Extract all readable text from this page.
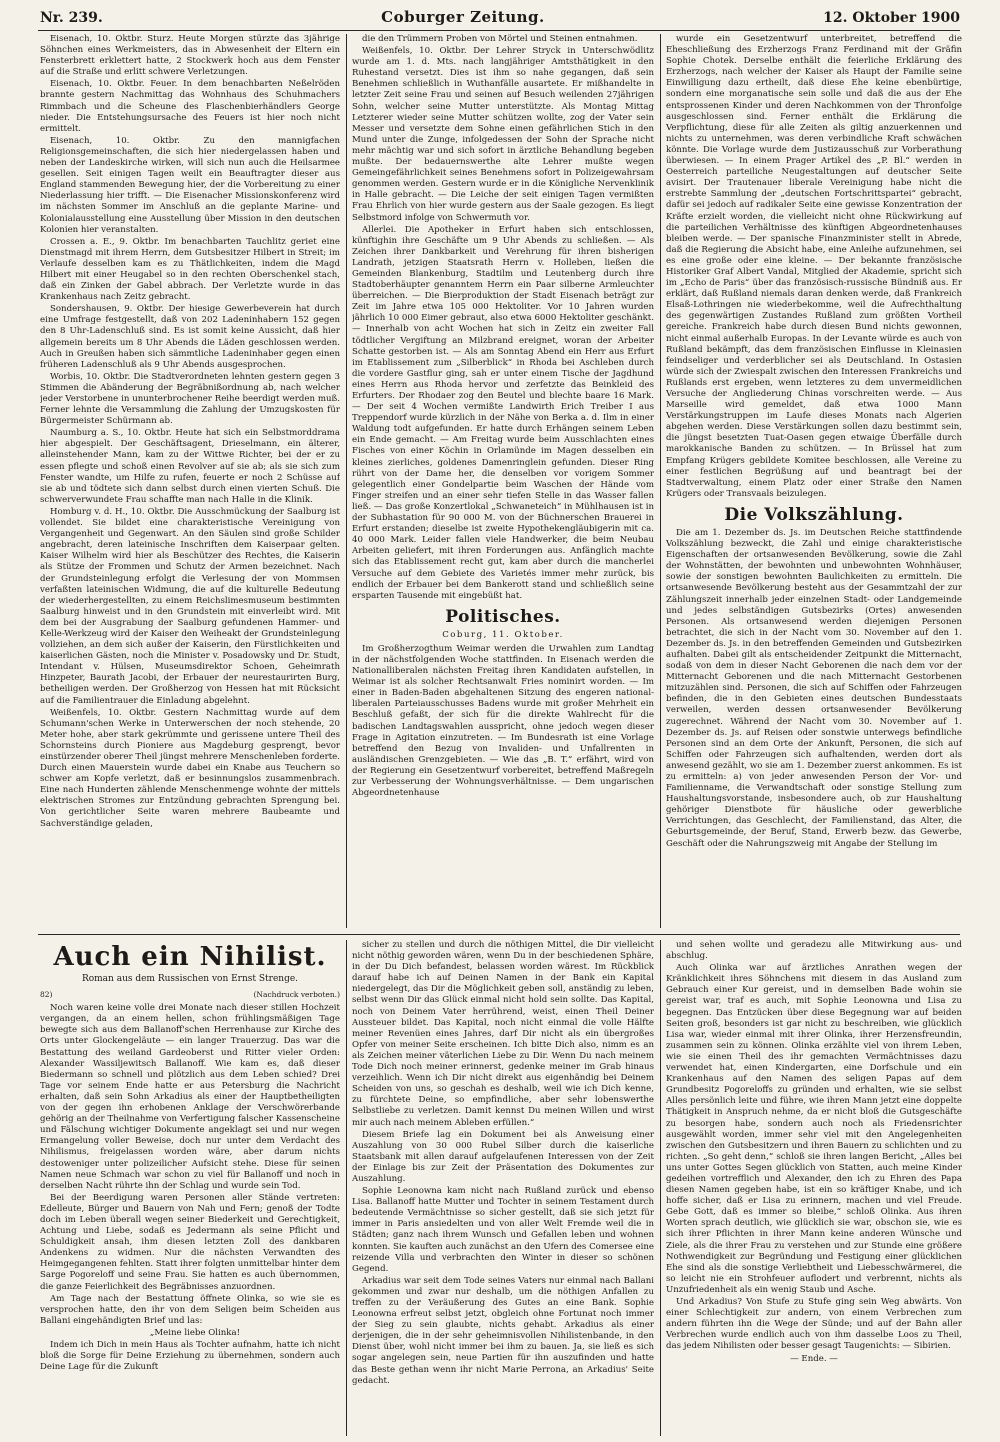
Nr. 239.	Coburger Zeitung.	12. Oktober 1900

Eisenach, 10. Oktbr. Sturz. Heute Morgen stürzte das 3jährige Söhnchen eines Werkmeisters, das in Abwesenheit der Eltern ein Fensterbrett erklettert hatte, 2 Stockwerk hoch aus dem Fenster auf die Straße und erlitt schwere Verletzungen.

Eisenach, 10. Oktbr. Feuer. In dem benachbarten Neßelröden brannte gestern Nachmittag das Wohnhaus des Schuhmachers Rimmbach und die Scheune des Flaschenbierhändlers George nieder. Die Entstehungsursache des Feuers ist hier noch nicht ermittelt.

Eisenach, 10. Oktbr. Zu den mannigfachen Religionsgemeinschaften, die sich hier niedergelassen haben und neben der Landeskirche wirken, will sich nun auch die Heilsarmee gesellen. Seit einigen Tagen weilt ein Beauftragter dieser aus England stammenden Bewegung hier, der die Vorbereitung zu einer Niederlassung hier trifft. — Die Eisenacher Missionskonferenz wird im nächsten Sommer im Anschluß an die geplante Marine- und Kolonialausstellung eine Ausstellung über Mission in den deutschen Kolonien hier veranstalten.

Crossen a. E., 9. Oktbr. Im benachbarten Tauchlitz geriet eine Dienstmagd mit ihrem Herrn, dem Gutsbesitzer Hilbert in Streit; im Verlaufe desselben kam es zu Thätlichkeiten, indem die Magd Hilbert mit einer Heugabel so in den rechten Oberschenkel stach, daß ein Zinken der Gabel abbrach. Der Verletzte wurde in das Krankenhaus nach Zeitz gebracht.

Sondershausen, 9. Oktbr. Der hiesige Gewerbeverein hat durch eine Umfrage festgestellt, daß von 202 Ladeninhabern 152 gegen den 8 Uhr-Ladenschluß sind. Es ist somit keine Aussicht, daß hier allgemein bereits um 8 Uhr Abends die Läden geschlossen werden. Auch in Greußen haben sich sämmtliche Ladeninhaber gegen einen früheren Ladenschluß als 9 Uhr Abends ausgesprochen.

Worbis, 10. Oktbr. Die Stadtverordneten lehnten gestern gegen 3 Stimmen die Abänderung der Begräbnißordnung ab, nach welcher jeder Verstorbene in ununterbrochener Reihe beerdigt werden muß. Ferner lehnte die Versammlung die Zahlung der Umzugskosten für Bürgermeister Schürmann ab.

Naumburg a. S., 10. Oktbr. Heute hat sich ein Selbstmorddrama hier abgespielt. Der Geschäftsagent, Drieselmann, ein älterer, alleinstehender Mann, kam zu der Wittwe Richter, bei der er zu essen pflegte und schoß einen Revolver auf sie ab; als sie sich zum Fenster wandte, um Hilfe zu rufen, feuerte er noch 2 Schüsse auf sie ab und tödtete sich dann selbst durch einen vierten Schuß. Die schwerverwundete Frau schaffte man nach Halle in die Klinik.

Homburg v. d. H., 10. Oktbr. Die Ausschmückung der Saalburg ist vollendet. Sie bildet eine charakteristische Vereinigung von Vergangenheit und Gegenwart. An den Säulen sind große Schilder angebracht, deren lateinische Inschriften dem Kaiserpaar gelten. Kaiser Wilhelm wird hier als Beschützer des Rechtes, die Kaiserin als Stütze der Frommen und Schutz der Armen bezeichnet. Nach der Grundsteinlegung erfolgt die Verlesung der von Mommsen verfaßten lateinischen Widmung, die auf die kulturelle Bedeutung der wiederhergestellten, zu einem Reichslimesmuseum bestimmten Saalburg hinweist und in den Grundstein mit einverleibt wird. Mit dem bei der Ausgrabung der Saalburg gefundenen Hammer- und Kelle-Werkzeug wird der Kaiser den Weiheakt der Grundsteinlegung vollziehen, an dem sich außer der Kaiserin, den Fürstlichkeiten und kaiserlichen Gästen, noch die Minister v. Posadowsky und Dr. Studt, Intendant v. Hülsen, Museumsdirektor Schoen, Geheimrath Hinzpeter, Baurath Jacobi, der Erbauer der neurestaurirten Burg, betheiligen werden. Der Großherzog von Hessen hat mit Rücksicht auf die Familientrauer die Einladung abgelehnt.

Weißenfels, 10. Oktbr. Gestern Nachmittag wurde auf dem Schumann'schen Werke in Unterwerschen der noch stehende, 20 Meter hohe, aber stark gekrümmte und gerissene untere Theil des Schornsteins durch Pioniere aus Magdeburg gesprengt, bevor einstürzender oberer Theil jüngst mehrere Menschenleben forderte. Durch einen Mauerstein wurde dabei ein Knabe aus Teuchern so schwer am Kopfe verletzt, daß er besinnungslos zusammenbrach. Eine nach Hunderten zählende Menschenmenge wohnte der mittels elektrischen Stromes zur Entzündung gebrachten Sprengung bei. Von gerichtlicher Seite waren mehrere Baubeamte und Sachverständige geladen,

die den Trümmern Proben von Mörtel und Steinen entnahmen.

Weißenfels, 10. Oktbr. Der Lehrer Stryck in Unterschwödlitz wurde am 1. d. Mts. nach langjähriger Amtsthätigkeit in den Ruhestand versetzt. Dies ist ihm so nahe gegangen, daß sein Benehmen schließlich in Wuthanfälle ausartete. Er mißhandelte in letzter Zeit seine Frau und seinen auf Besuch weilenden 27jährigen Sohn, welcher seine Mutter unterstützte. Als Montag Mittag Letzterer wieder seine Mutter schützen wollte, zog der Vater sein Messer und versetzte dem Sohne einen gefährlichen Stich in den Mund unter die Zunge, infolgedessen der Sohn der Sprache nicht mehr mächtig war und sich sofort in ärztliche Behandlung begeben mußte. Der bedauernswerthe alte Lehrer mußte wegen Gemeingefährlichkeit seines Benehmens sofort in Polizeigewahrsam genommen werden. Gestern wurde er in die Königliche Nervenklinik in Halle gebracht. — Die Leiche der seit einigen Tagen vermißten Frau Ehrlich von hier wurde gestern aus der Saale gezogen. Es liegt Selbstmord infolge von Schwermuth vor.

Allerlei. Die Apotheker in Erfurt haben sich entschlossen, künftighin ihre Geschäfte um 9 Uhr Abends zu schließen. — Als Zeichen ihrer Dankbarkeit und Verehrung für ihren bisherigen Landrath, jetzigen Staatsrath Herrn v. Holleben, ließen die Gemeinden Blankenburg, Stadtilm und Leutenberg durch ihre Stadtoberhäupter genanntem Herrn ein Paar silberne Armleuchter überreichen. — Die Bierproduktion der Stadt Eisenach beträgt zur Zeit im Jahre etwa 105 000 Hektoliter. Vor 10 Jahren wurden jährlich 10 000 Eimer gebraut, also etwa 6000 Hektoliter geschänkt. — Innerhalb von acht Wochen hat sich in Zeitz ein zweiter Fall tödtlicher Vergiftung an Milzbrand ereignet, woran der Arbeiter Schatte gestorben ist. — Als am Sonntag Abend ein Herr aus Erfurt im Etablissement zum „Silberblick“ in Rhoda bei Aschleben durch die vordere Gastflur ging, sah er unter einem Tische der Jagdhund eines Herrn aus Rhoda hervor und zerfetzte das Beinkleid des Erfurters. Der Rhodaer zog den Beutel und blechte baare 16 Mark. — Der seit 4 Wochen vermißte Landwirth Erich Treiber I aus Treppendorf wurde kürzlich in der Nähe von Berka a. d. Ilm in einer Waldung todt aufgefunden. Er hatte durch Erhängen seinem Leben ein Ende gemacht. — Am Freitag wurde beim Ausschlachten eines Fisches von einer Köchin in Orlamünde im Magen desselben ein kleines zierliches, goldenes Damenringlein gefunden. Dieser Ring rührt von der Dame her, die denselben vor vorigem Sommer gelegentlich einer Gondelpartie beim Waschen der Hände vom Finger streifen und an einer sehr tiefen Stelle in das Wasser fallen ließ. — Das große Konzertlokal „Schwaneteich“ in Mühlhausen ist in der Subhastation für 90 000 M. von der Büchnerschen Brauerei in Erfurt erstanden; dieselbe ist zweite Hypothekengläubigerin mit ca. 40 000 Mark. Leider fallen viele Handwerker, die beim Neubau Arbeiten geliefert, mit ihren Forderungen aus. Anfänglich machte sich das Etablissement recht gut, kam aber durch die mancherlei Versuche auf dem Gebiete des Varietés immer mehr zurück, bis endlich der Erbauer bei dem Bankerott stand und schließlich seine ersparten Tausende mit eingebüßt hat.

Politisches.
Coburg, 11. Oktober.

Im Großherzogthum Weimar werden die Urwahlen zum Landtag in der nächstfolgenden Woche stattfinden. In Eisenach werden die Nationalliberalen nächsten Freitag ihren Kandidaten aufstellen, in Weimar ist als solcher Rechtsanwalt Fries nominirt worden. — Im einer in Baden-Baden abgehaltenen Sitzung des engeren national-liberalen Parteiausschusses Badens wurde mit großer Mehrheit ein Beschluß gefaßt, der sich für die direkte Wahlrecht für die badischen Landtagswahlen ausspricht, ohne jedoch wegen dieser Frage in Agitation einzutreten. — Im Bundesrath ist eine Vorlage betreffend den Bezug von Invaliden- und Unfallrenten in ausländischen Grenzgebieten. — Wie das „B. T.“ erfährt, wird von der Regierung ein Gesetzentwurf vorbereitet, betreffend Maßregeln zur Verbesserung der Wohnungsverhältnisse. — Dem ungarischen Abgeordnetenhause

wurde ein Gesetzentwurf unterbreitet, betreffend die Eheschließung des Erzherzogs Franz Ferdinand mit der Gräfin Sophie Chotek. Derselbe enthält die feierliche Erklärung des Erzherzogs, nach welcher der Kaiser als Haupt der Familie seine Einwilligung dazu ertheilt, daß diese Ehe keine ebenbürtige, sondern eine morganatische sein solle und daß die aus der Ehe entsprossenen Kinder und deren Nachkommen von der Thronfolge ausgeschlossen sind. Ferner enthält die Erklärung die Verpflichtung, diese für alle Zeiten als giltig anzuerkennen und nichts zu unternehmen, was deren verbindliche Kraft schwächen könnte. Die Vorlage wurde dem Justizausschuß zur Vorberathung überwiesen. — In einem Prager Artikel des „P. Bl.“ werden in Oesterreich parteiliche Neugestaltungen auf deutscher Seite avisirt. Der Trautenauer liberale Vereinigung habe nicht die erstrebte Sammlung der „deutschen Fortschrittspartei“ gebracht, dafür sei jedoch auf radikaler Seite eine gewisse Konzentration der Kräfte erzielt worden, die vielleicht nicht ohne Rückwirkung auf die parteilichen Verhältnisse des künftigen Abgeordnetenhauses bleiben werde. — Der spanische Finanzminister stellt in Abrede, daß die Regierung die Absicht habe, eine Anleihe aufzunehmen, sei es eine große oder eine kleine. — Der bekannte französische Historiker Graf Albert Vandal, Mitglied der Akademie, spricht sich im „Echo de Paris“ über das französisch-russische Bündniß aus. Er erklärt, daß Rußland niemals daran denken werde, daß Frankreich Elsaß-Lothringen nie wiederbekomme, weil die Aufrechthaltung des gegenwärtigen Zustandes Rußland zum größten Vortheil gereiche. Frankreich habe durch diesen Bund nichts gewonnen, nicht einmal außerhalb Europas. In der Levante würde es auch von Rußland bekämpft, das dem französischen Einflusse in Kleinasien feindseliger und verderblicher sei als Deutschland. In Ostasien würde sich der Zwiespalt zwischen den Interessen Frankreichs und Rußlands erst ergeben, wenn letzteres zu dem unvermeidlichen Versuche der Angliederung Chinas vorschreiten werde. — Aus Marseille wird gemeldet, daß etwa 1000 Mann Verstärkungstruppen im Laufe dieses Monats nach Algerien abgehen werden. Diese Verstärkungen sollen dazu bestimmt sein, die jüngst besetzten Tuat-Oasen gegen etwaige Überfälle durch marokkanische Banden zu schützen. — In Brüssel hat zum Empfang Krügers gebildete Komitee beschlossen, alle Vereine zu einer festlichen Begrüßung auf und beantragt bei der Stadtverwaltung, einem Platz oder einer Straße den Namen Krügers oder Transvaals beizulegen.

Die Volkszählung.

Die am 1. Dezember ds. Js. im Deutschen Reiche stattfindende Volkszählung bezweckt, die Zahl und einige charakteristische Eigenschaften der ortsanwesenden Bevölkerung, sowie die Zahl der Wohnstätten, der bewohnten und unbewohnten Wohnhäuser, sowie der sonstigen bewohnten Baulichkeiten zu ermitteln. Die ortsanwesende Bevölkerung besteht aus der Gesammtzahl der zur Zählungszeit innerhalb jeder einzelnen Stadt- oder Landgemeinde und jedes selbständigen Gutsbezirks (Ortes) anwesenden Personen. Als ortsanwesend werden diejenigen Personen betrachtet, die sich in der Nacht vom 30. November auf den 1. Dezember ds. Js. in den betreffenden Gemeinden und Gutsbezirken aufhalten. Dabei gilt als entscheidender Zeitpunkt die Mitternacht, sodaß von dem in dieser Nacht Geborenen die nach dem vor der Mitternacht Geborenen und die nach Mitternacht Gestorbenen mitzuzählen sind. Personen, die sich auf Schiffen oder Fahrzeugen befinden, die in den Gebieten eines deutschen Bundesstaats verweilen, werden dessen ortsanwesender Bevölkerung zugerechnet. Während der Nacht vom 30. November auf 1. Dezember ds. Js. auf Reisen oder sonstwie unterwegs befindliche Personen sind an dem Orte der Ankunft, Personen, die sich auf Schiffen oder Fahrzeugen sich aufhaltenden, werden dort als anwesend gezählt, wo sie am 1. Dezember zuerst ankommen. Es ist zu ermitteln: a) von jeder anwesenden Person der Vor- und Familienname, die Verwandtschaft oder sonstige Stellung zum Haushaltungsvorstande, insbesondere auch, ob zur Haushaltung gehöriger Dienstbote für häusliche oder gewerbliche Verrichtungen, das Geschlecht, der Familienstand, das Alter, die Geburtsgemeinde, der Beruf, Stand, Erwerb bezw. das Gewerbe, Geschäft oder die Nahrungszweig mit Angabe der Stellung im

Auch ein Nihilist.
Roman aus dem Russischen von Ernst Strenge.
82)	(Nachdruck verboten.)

Noch waren keine volle drei Monate nach dieser stillen Hochzeit vergangen, da an einem hellen, schon frühlingsmäßigen Tage bewegte sich aus dem Ballanoff'schen Herrenhause zur Kirche des Orts unter Glockengeläute — ein langer Trauerzug. Das war die Bestattung des weiland Gardeoberst und Ritter vieler Orden: Alexander Wassiljewitsch Ballanoff. Wie kam es, daß dieser Biedermann so schnell und plötzlich aus dem Leben schied? Drei Tage vor seinem Ende hatte er aus Petersburg die Nachricht erhalten, daß sein Sohn Arkadius als einer der Hauptbetheiligten von der gegen ihn erhobenen Anklage der Verschwörerbande gehörig an der Theilnahme von Verfertigung falscher Kassenscheine und Fälschung wichtiger Dokumente angeklagt sei und nur wegen Ermangelung voller Beweise, doch nur unter dem Verdacht des Nihilismus, freigelassen worden wäre, aber darum nichts destoweniger unter polizeilicher Aufsicht stehe. Diese für seinen Namen neue Schmach war schon zu viel für Ballanoff und noch in derselben Nacht rührte ihn der Schlag und wurde sein Tod.

Bei der Beerdigung waren Personen aller Stände vertreten: Edelleute, Bürger und Bauern von Nah und Fern; genoß der Todte doch im Leben überall wegen seiner Biederkeit und Gerechtigkeit, Achtung und Liebe, sodaß es Jedermann als seine Pflicht und Schuldigkeit ansah, ihm diesen letzten Zoll des dankbaren Andenkens zu widmen. Nur die nächsten Verwandten des Heimgegangenen fehlten. Statt ihrer folgten unmittelbar hinter dem Sarge Pogoreloff und seine Frau. Sie hatten es auch übernommen, die ganze Feierlichkeit des Begräbnisses anzuordnen.

Am Tage nach der Bestattung öffnete Olinka, so wie sie es versprochen hatte, den ihr von dem Seligen beim Scheiden aus Ballani eingehändigten Brief und las:

„Meine liebe Olinka!

Indem ich Dich in mein Haus als Tochter aufnahm, hatte ich nicht bloß die Sorge für Deine Erziehung zu übernehmen, sondern auch Deine Lage für die Zukunft

sicher zu stellen und durch die nöthigen Mittel, die Dir vielleicht nicht nöthig geworden wären, wenn Du in der beschiedenen Sphäre, in der Du Dich befandest, belassen worden wärest. Im Rückblick darauf habe ich auf Deinen Namen in der Bank ein Kapital niedergelegt, das Dir die Möglichkeit geben soll, anständig zu leben, selbst wenn Dir das Glück einmal nicht hold sein sollte. Das Kapital, noch von Deinem Vater herrührend, weist, einen Theil Deiner Aussteuer bildet. Das Kapital, noch nicht einmal die volle Hälfte meiner Revenüen eines Jahres, darf Dir nicht als ein übergroßes Opfer von meiner Seite erscheinen. Ich bitte Dich also, nimm es an als Zeichen meiner väterlichen Liebe zu Dir. Wenn Du nach meinem Tode Dich noch meiner erinnerst, gedenke meiner im Grab hinaus verzeihlich. Wenn ich Dir nicht direkt aus eigenhändig bei Deinem Scheiden von uns, so geschah es deshalb, weil wie ich Dich kenne, zu fürchtete Deine, so empfindliche, aber sehr lobenswerthe Selbstliebe zu verletzen. Damit kennst Du meinen Willen und wirst mir auch nach meinem Ableben erfüllen.“

Diesem Briefe lag ein Dokument bei als Anweisung einer Auszahlung von 30 000 Rubel Silber durch die kaiserliche Staatsbank mit allen darauf aufgelaufenen Interessen von der Zeit der Einlage bis zur Zeit der Präsentation des Dokumentes zur Auszahlung.

Sophie Leonowna kam nicht nach Rußland zurück und ebenso Lisa. Ballanoff hatte Mutter und Tochter in seinem Testament durch bedeutende Vermächtnisse so sicher gestellt, daß sie sich jetzt für immer in Paris ansiedelten und von aller Welt Fremde weil die in Städten; ganz nach ihrem Wunsch und Gefallen leben und wohnen konnten. Sie kauften auch zunächst an den Ufern des Comersee eine reizende Villa und verbrachten den Winter in dieser so schönen Gegend.

Arkadius war seit dem Tode seines Vaters nur einmal nach Ballani gekommen und zwar nur deshalb, um die nöthigen Anfallen zu treffen zu der Veräußerung des Gutes an eine Bank. Sophie Leonowna erfreut selbst jetzt, obgleich ohne Fortunat noch immer der Sieg zu sein glaubte, nichts gehabt. Arkadius als einer derjenigen, die in der sehr geheimnisvollen Nihilistenbande, in den Dienst über, wohl nicht immer bei ihm zu bauen. Ja, sie ließ es sich sogar angelegen sein, neue Partien für ihn auszufinden und hatte das Beste gethan wenn ihr nicht Marie Perrona, an Arkadius' Seite gedacht.

und sehen wollte und geradezu alle Mitwirkung aus- und abschlug.

Auch Olinka war auf ärztliches Anrathen wegen der Kränklichkeit ihres Söhnchens mit diesem in das Ausland zum Gebrauch einer Kur gereist, und in demselben Bade wohin sie gereist war, traf es auch, mit Sophie Leonowna und Lisa zu begegnen. Das Entzücken über diese Begegnung war auf beiden Seiten groß, besonders ist gar nicht zu beschreiben, wie glücklich Lisa war, wieder einmal mit ihrer Olinka, ihrer Herzensfreundin, zusammen sein zu können. Olinka erzählte viel von ihrem Leben, wie sie einen Theil des ihr gemachten Vermächtnisses dazu verwendet hat, einen Kindergarten, eine Dorfschule und ein Krankenhaus auf den Namen des seligen Papas auf dem Grundbesitz Pogoreloffs zu gründen und erhalten, wie sie selbst Alles persönlich leite und führe, wie ihren Mann jetzt eine doppelte Thätigkeit in Anspruch nehme, da er nicht bloß die Gutsgeschäfte zu besorgen habe, sondern auch noch als Friedensrichter ausgewählt worden, immer sehr viel mit den Angelegenheiten zwischen den Gutsbesitzern und ihren Bauern zu schlichten und zu richten. „So geht denn,“ schloß sie ihren langen Bericht, „Alles bei uns unter Gottes Segen glücklich von Statten, auch meine Kinder gedeihen vortrefflich und Alexander, den ich zu Ehren des Papa diesen Namen gegeben habe, ist ein so kräftiger Knabe, und ich hoffe sicher, daß er Lisa zu erinnern, machen und viel Freude. Gebe Gott, daß es immer so bleibe,“ schloß Olinka. Aus ihren Worten sprach deutlich, wie glücklich sie war, obschon sie, wie es sich ihrer Pflichten in ihrer Mann keine anderen Wünsche und Ziele, als die ihrer Frau zu verstehen und zur Stunde eine größere Nothwendigkeit zur Begründung und Festigung einer glücklichen Ehe sind als die sonstige Verliebtheit und Liebesschwärmerei, die so leicht nie ein Strohfeuer auflodert und verbrennt, nichts als Unzufriedenheit als ein wenig Staub und Asche.

Und Arkadius? Von Stufe zu Stufe ging sein Weg abwärts. Von einer Schlechtigkeit zur andern, von einem Verbrechen zum andern führten ihn die Wege der Sünde; und auf der Bahn aller Verbrechen wurde endlich auch von ihm dasselbe Loos zu Theil, das jedem Nihilisten oder besser gesagt Taugenichts: — Sibirien.

— Ende. —
